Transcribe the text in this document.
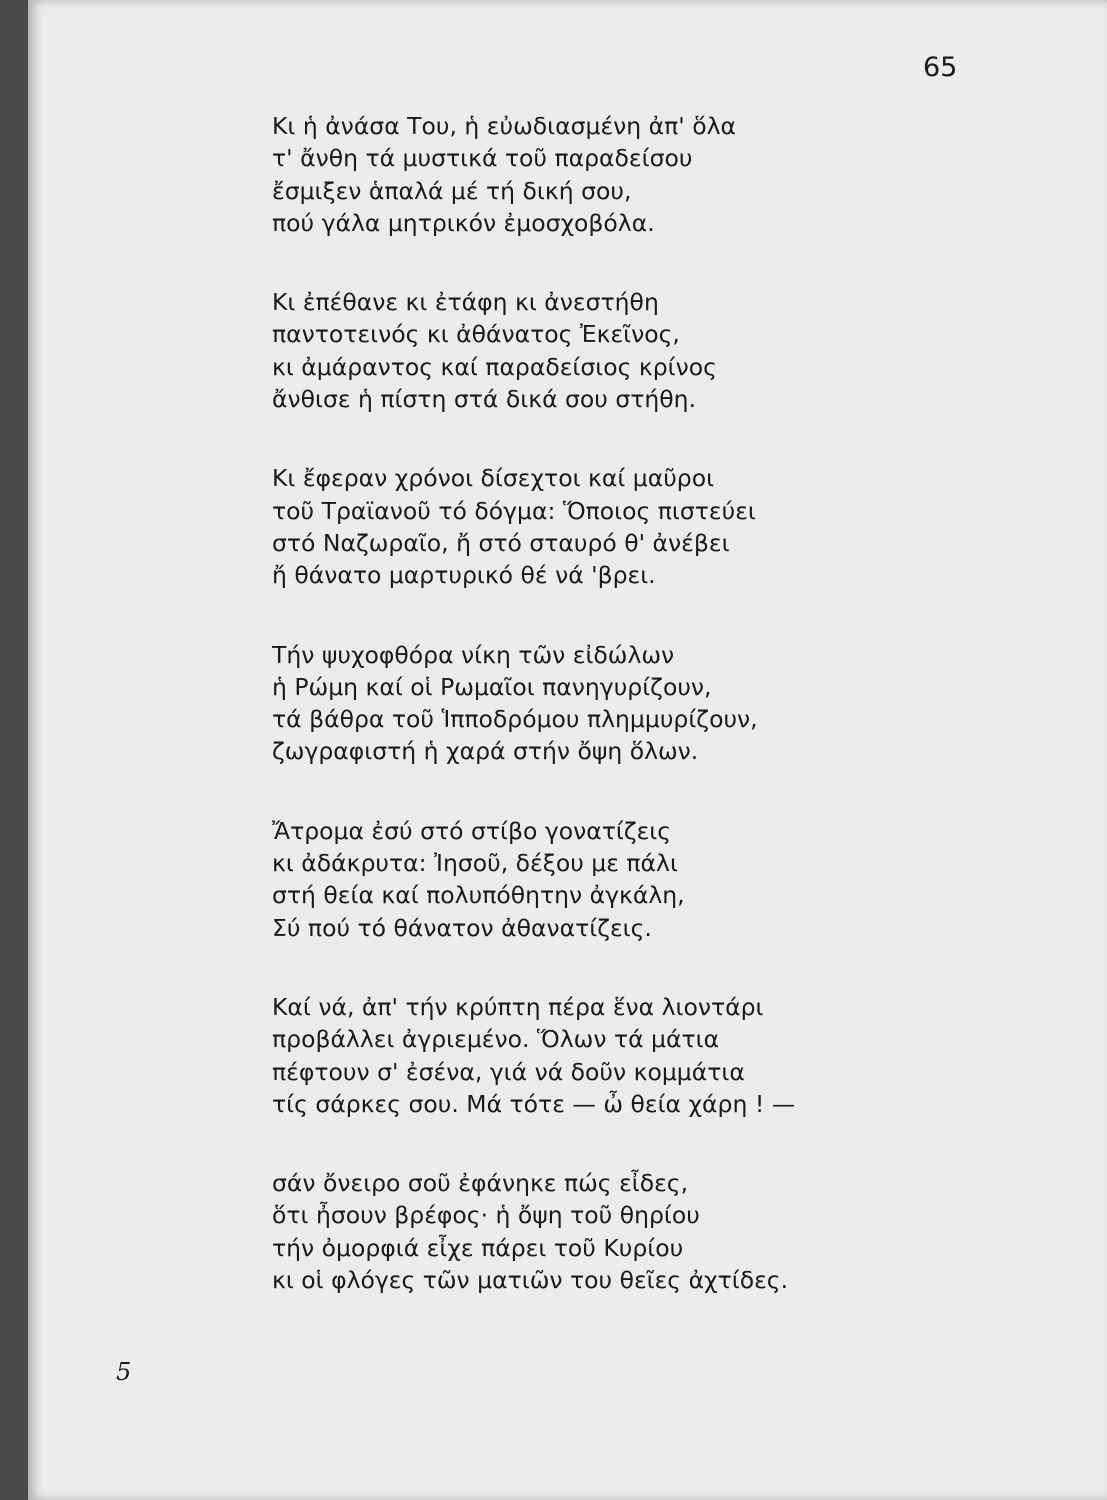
65
Κι ἡ ἀνάσα Του, ἡ εὐωδιασμένη ἀπ' ὅλα
τ' ἄνθη τά μυστικά τοῦ παραδείσου
ἔσμιξεν ἁπαλά μέ τή δική σου,
πού γάλα μητρικόν ἐμοσχοβόλα.
Κι ἐπέθανε κι ἐτάφη κι ἀνεστήθη
παντοτεινός κι ἀθάνατος Ἐκεῖνος,
κι ἀμάραντος καί παραδείσιος κρίνος
ἄνθισε ἡ πίστη στά δικά σου στήθη.
Κι ἔφεραν χρόνοι δίσεχτοι καί μαῦροι
τοῦ Τραϊανοῦ τό δόγμα: Ὅποιος πιστεύει
στό Ναζωραῖο, ἤ στό σταυρό θ' ἀνέβει
ἤ θάνατο μαρτυρικό θέ νά 'βρει.
Τήν ψυχοφθόρα νίκη τῶν εἰδώλων
ἡ Ρώμη καί οἱ Ρωμαῖοι πανηγυρίζουν,
τά βάθρα τοῦ Ἱπποδρόμου πλημμυρίζουν,
ζωγραφιστή ἡ χαρά στήν ὄψη ὅλων.
Ἄτρομα ἐσύ στό στίβο γονατίζεις
κι ἀδάκρυτα: Ἰησοῦ, δέξου με πάλι
στή θεία καί πολυπόθητην ἀγκάλη,
Σύ πού τό θάνατον ἀθανατίζεις.
Καί νά, ἀπ' τήν κρύπτη πέρα ἕνα λιοντάρι
προβάλλει ἀγριεμένο. Ὅλων τά μάτια
πέφτουν σ' ἐσένα, γιά νά δοῦν κομμάτια
τίς σάρκες σου. Μά τότε — ὦ θεία χάρη ! —
σάν ὄνειρο σοῦ ἐφάνηκε πώς εἶδες,
ὅτι ἦσουν βρέφος· ἡ ὄψη τοῦ θηρίου
τήν ὀμορφιά εἶχε πάρει τοῦ Κυρίου
κι οἱ φλόγες τῶν ματιῶν του θεῖες ἀχτίδες.
5
